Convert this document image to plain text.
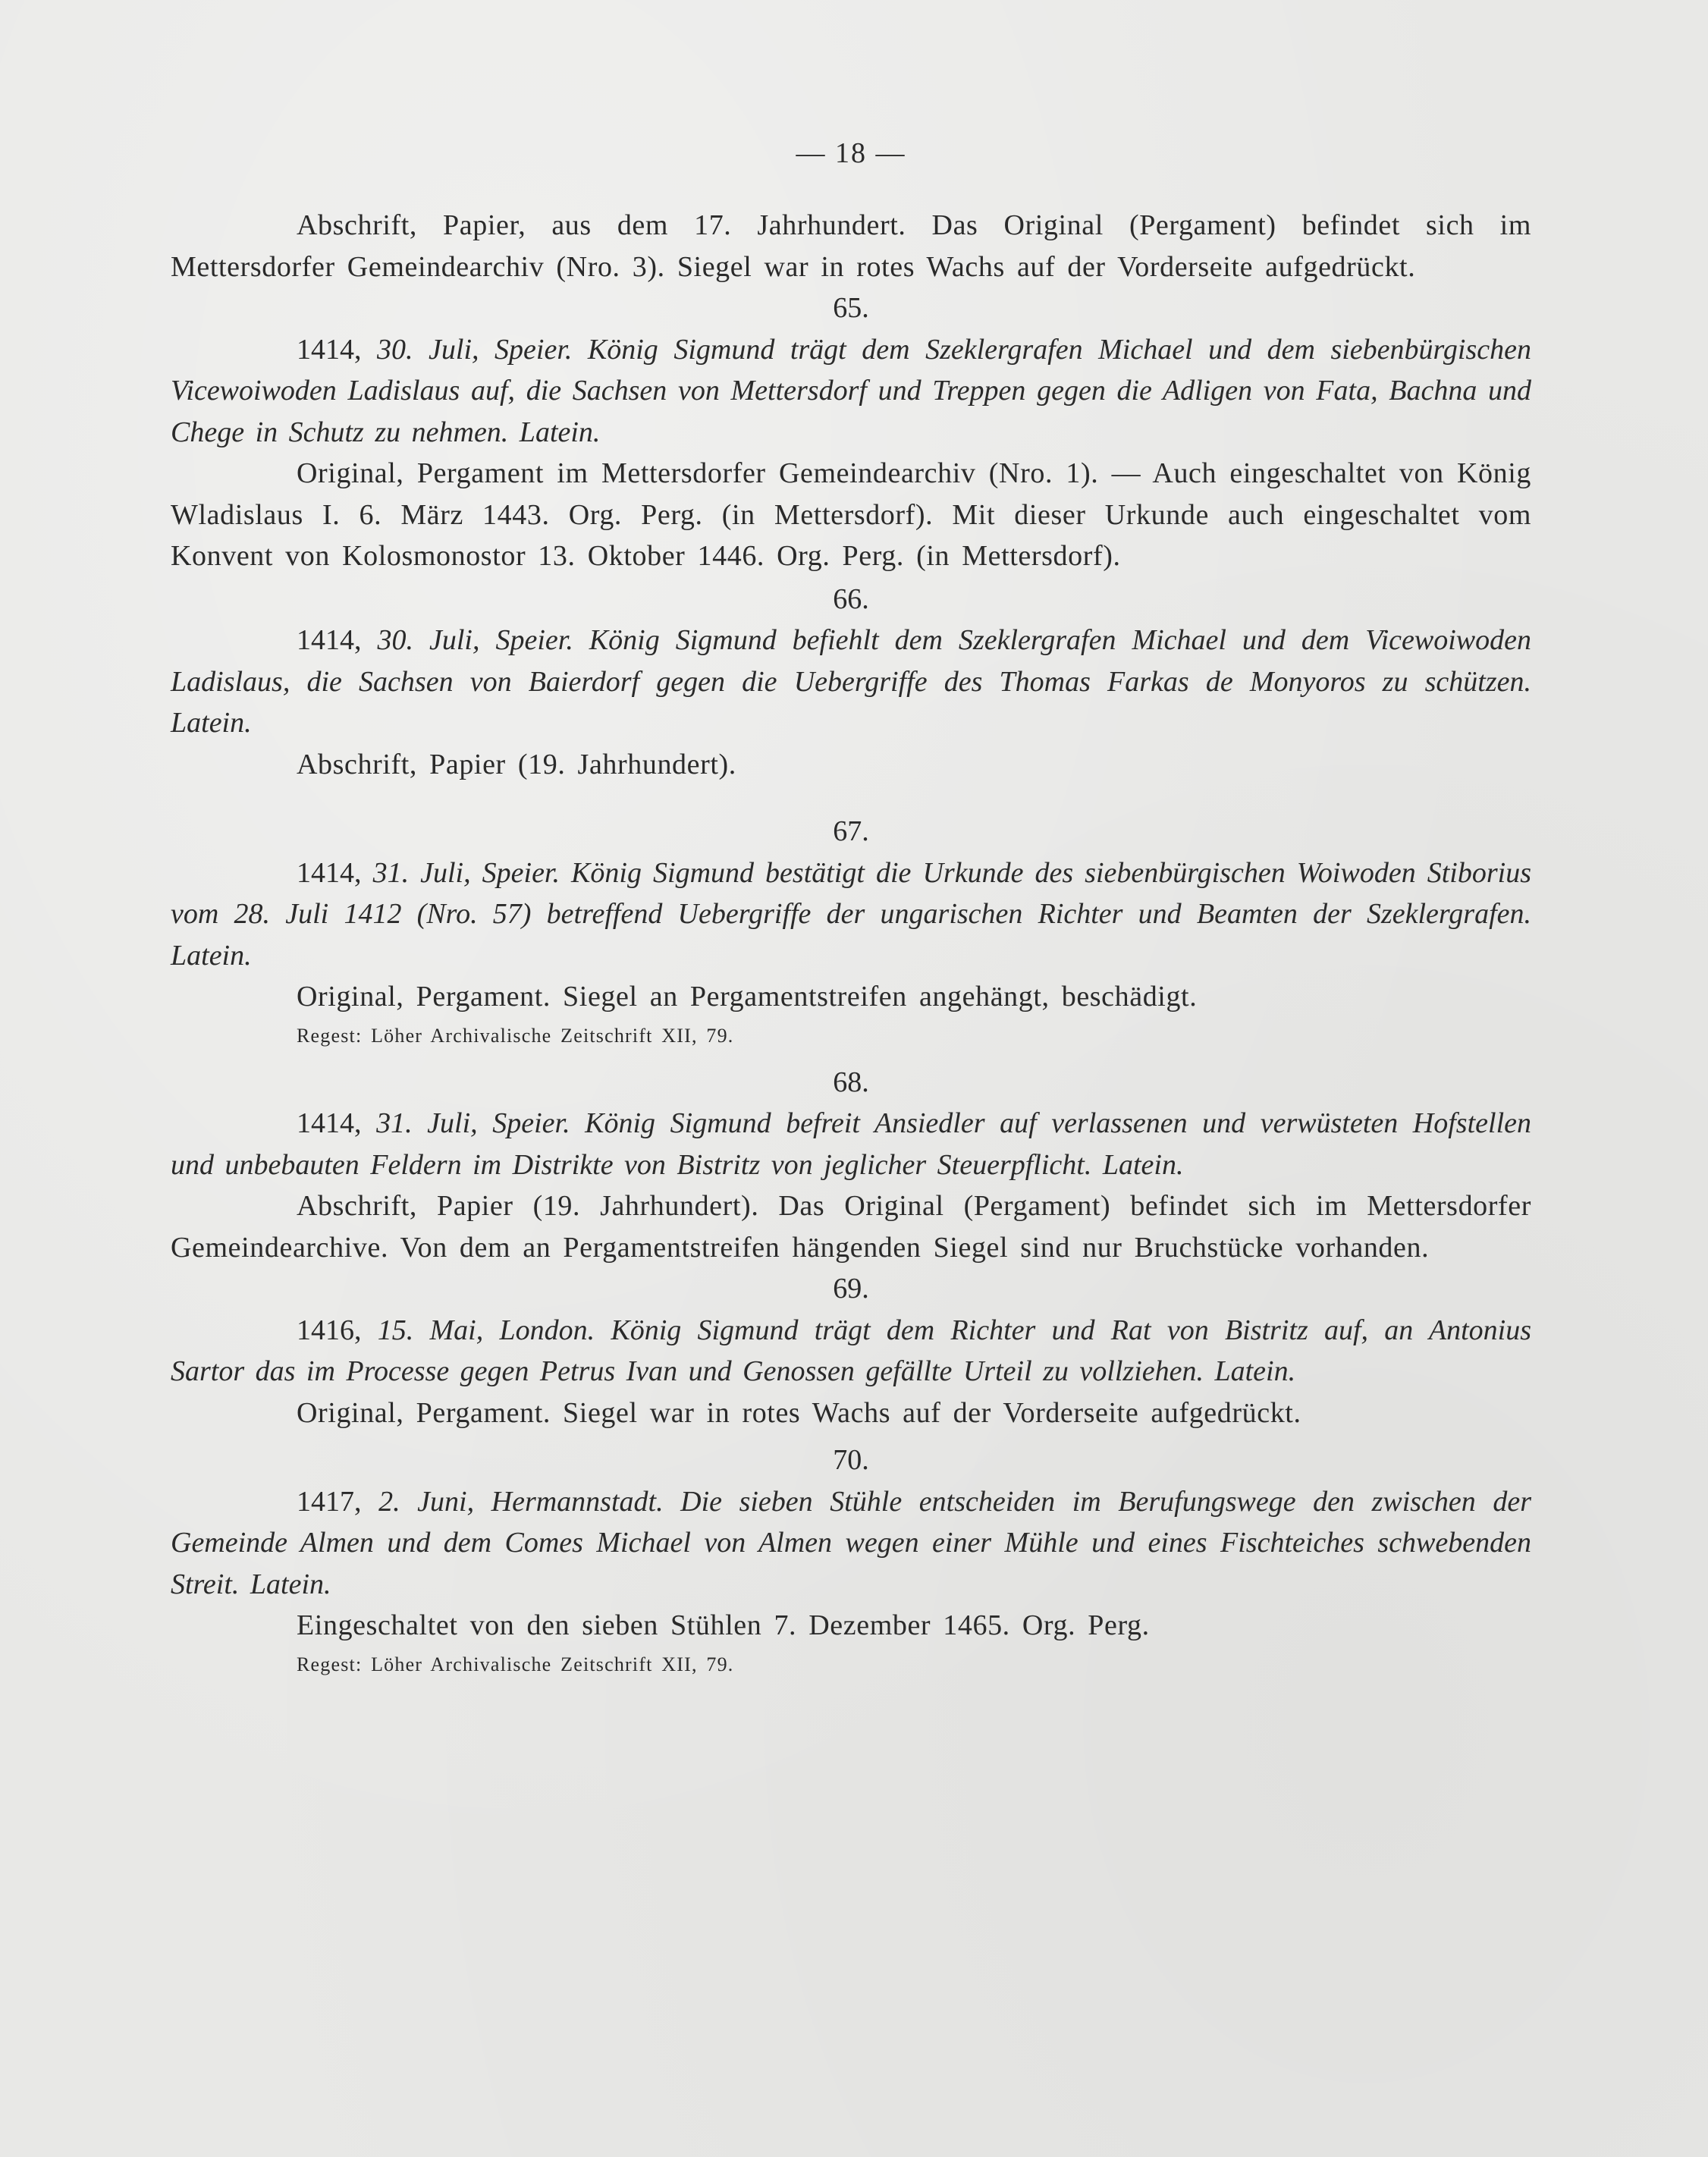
— 18 —

Abschrift, Papier, aus dem 17. Jahrhundert. Das Original (Pergament) befindet sich im Mettersdorfer Gemeindearchiv (Nro. 3). Siegel war in rotes Wachs auf der Vorderseite aufgedrückt.

65.

1414, 30. Juli, Speier. König Sigmund trägt dem Szeklergrafen Michael und dem siebenbürgischen Vicewoiwoden Ladislaus auf, die Sachsen von Mettersdorf und Treppen gegen die Adligen von Fata, Bachna und Chege in Schutz zu nehmen. Latein.

Original, Pergament im Mettersdorfer Gemeindearchiv (Nro. 1). — Auch eingeschaltet von König Wladislaus I. 6. März 1443. Org. Perg. (in Mettersdorf). Mit dieser Urkunde auch eingeschaltet vom Konvent von Kolosmonostor 13. Oktober 1446. Org. Perg. (in Mettersdorf).

66.

1414, 30. Juli, Speier. König Sigmund befiehlt dem Szeklergrafen Michael und dem Vicewoiwoden Ladislaus, die Sachsen von Baierdorf gegen die Uebergriffe des Thomas Farkas de Monyoros zu schützen. Latein.

Abschrift, Papier (19. Jahrhundert).

67.

1414, 31. Juli, Speier. König Sigmund bestätigt die Urkunde des siebenbürgischen Woiwoden Stiborius vom 28. Juli 1412 (Nro. 57) betreffend Uebergriffe der ungarischen Richter und Beamten der Szeklergrafen. Latein.

Original, Pergament. Siegel an Pergamentstreifen angehängt, beschädigt.

Regest: Löher Archivalische Zeitschrift XII, 79.

68.

1414, 31. Juli, Speier. König Sigmund befreit Ansiedler auf verlassenen und verwüsteten Hofstellen und unbebauten Feldern im Distrikte von Bistritz von jeglicher Steuerpflicht. Latein.

Abschrift, Papier (19. Jahrhundert). Das Original (Pergament) befindet sich im Mettersdorfer Gemeindearchive. Von dem an Pergamentstreifen hängenden Siegel sind nur Bruchstücke vorhanden.

69.

1416, 15. Mai, London. König Sigmund trägt dem Richter und Rat von Bistritz auf, an Antonius Sartor das im Processe gegen Petrus Ivan und Genossen gefällte Urteil zu vollziehen. Latein.

Original, Pergament. Siegel war in rotes Wachs auf der Vorderseite aufgedrückt.

70.

1417, 2. Juni, Hermannstadt. Die sieben Stühle entscheiden im Berufungswege den zwischen der Gemeinde Almen und dem Comes Michael von Almen wegen einer Mühle und eines Fischteiches schwebenden Streit. Latein.

Eingeschaltet von den sieben Stühlen 7. Dezember 1465. Org. Perg.

Regest: Löher Archivalische Zeitschrift XII, 79.
